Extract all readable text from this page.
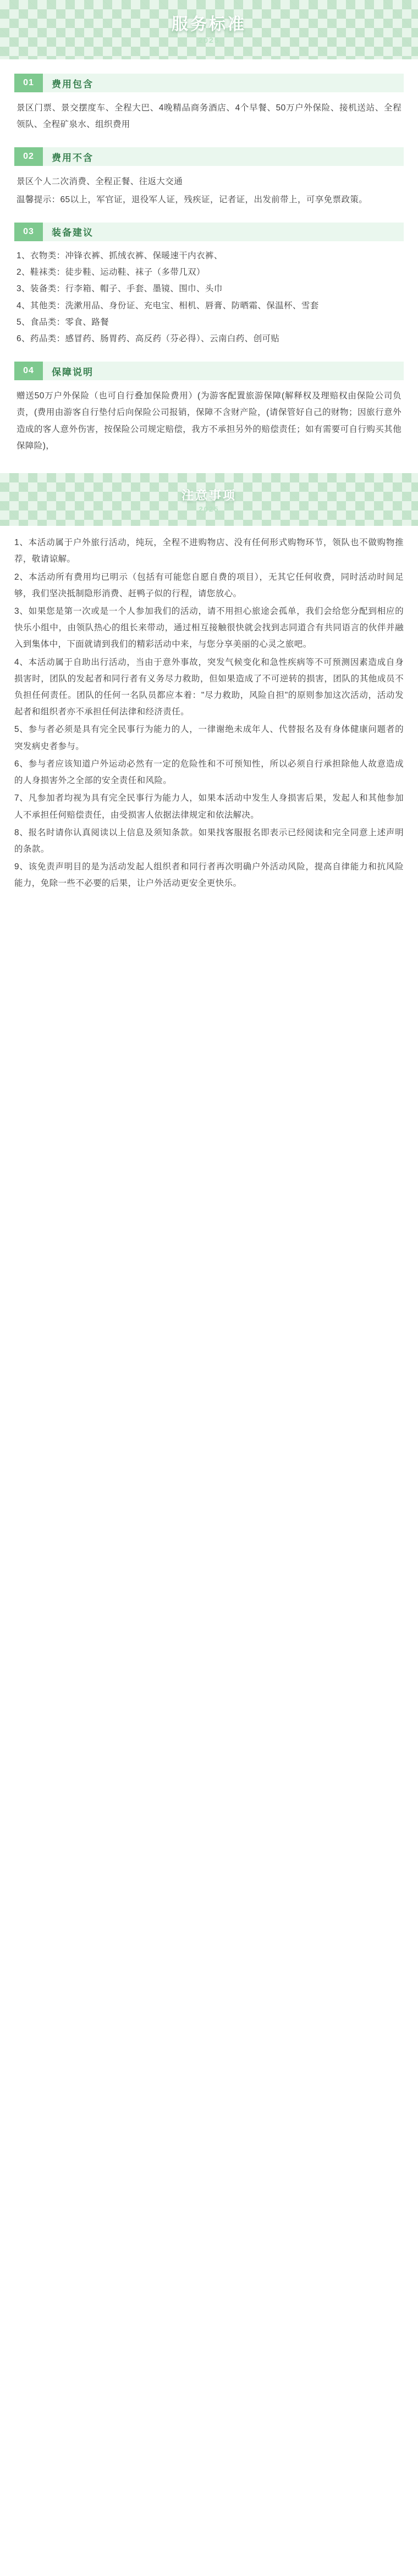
服务标准
2025
01	费用包含
景区门票、景交摆度车、全程大巴、4晚精品商务酒店、4个早餐、50万户外保险、接机送站、全程领队、全程矿泉水、组织费用
02	费用不含
景区个人二次消费、全程正餐、往返大交通
温馨提示：65以上，军官证，退役军人证，残疾证，记者证，出发前带上，可享免票政策。
03	装备建议
1、衣物类：冲锋衣裤、抓绒衣裤、保暖速干内衣裤、
2、鞋袜类：徒步鞋、运动鞋、袜子（多带几双）
3、装备类：行李箱、帽子、手套、墨镜、围巾、头巾
4、其他类：洗漱用品、身份证、充电宝、相机、唇膏、防晒霜、保温杯、雪套
5、食品类：零食、路餐
6、药品类：感冒药、肠胃药、高反药（芬必得）、云南白药、创可贴
04	保障说明
赠送50万户外保险（也可自行叠加保险费用）(为游客配置旅游保障(解释权及理赔权由保险公司负责，(费用由游客自行垫付后向保险公司报销，保障不含财产险，(请保管好自己的财物；因旅行意外造成的客人意外伤害，按保险公司规定赔偿，我方不承担另外的赔偿责任；如有需要可自行购买其他保障险)，
注意事项
2025
1、本活动属于户外旅行活动，纯玩，全程不进购物店、没有任何形式购物环节，领队也不做购物推荐，敬请谅解。
2、本活动所有费用均已明示（包括有可能您自愿自费的项目），无其它任何收费，同时活动时间足够，我们坚决抵制隐形消费、赶鸭子似的行程，请您放心。
3、如果您是第一次或是一个人参加我们的活动，请不用担心旅途会孤单，我们会给您分配到相应的快乐小组中，由领队热心的组长来带动，通过相互接触很快就会找到志同道合有共同语言的伙伴并融入到集体中，下面就请到我们的精彩活动中来，与您分享美丽的心灵之旅吧。
4、本活动属于自助出行活动，当由于意外事故，突发气候变化和急性疾病等不可预测因素造成自身损害时，团队的发起者和同行者有义务尽力救助，但如果造成了不可逆转的损害，团队的其他成员不负担任何责任。团队的任何一名队员都应本着："尽力救助，风险自担"的原则参加这次活动，活动发起者和组织者亦不承担任何法律和经济责任。
5、参与者必须是具有完全民事行为能力的人，一律谢绝未成年人、代替报名及有身体健康问题者的突发病史者参与。
6、参与者应该知道户外运动必然有一定的危险性和不可预知性，所以必须自行承担除他人故意造成的人身损害外之全部的安全责任和风险。
7、凡参加者均视为具有完全民事行为能力人，如果本活动中发生人身损害后果，发起人和其他参加人不承担任何赔偿责任，由受损害人依据法律规定和依法解决。
8、报名时请你认真阅读以上信息及须知条款。如果找客服报名即表示已经阅读和完全同意上述声明的条款。
9、该免责声明目的是为活动发起人组织者和同行者再次明确户外活动风险，提高自律能力和抗风险能力，免除一些不必要的后果，让户外活动更安全更快乐。
